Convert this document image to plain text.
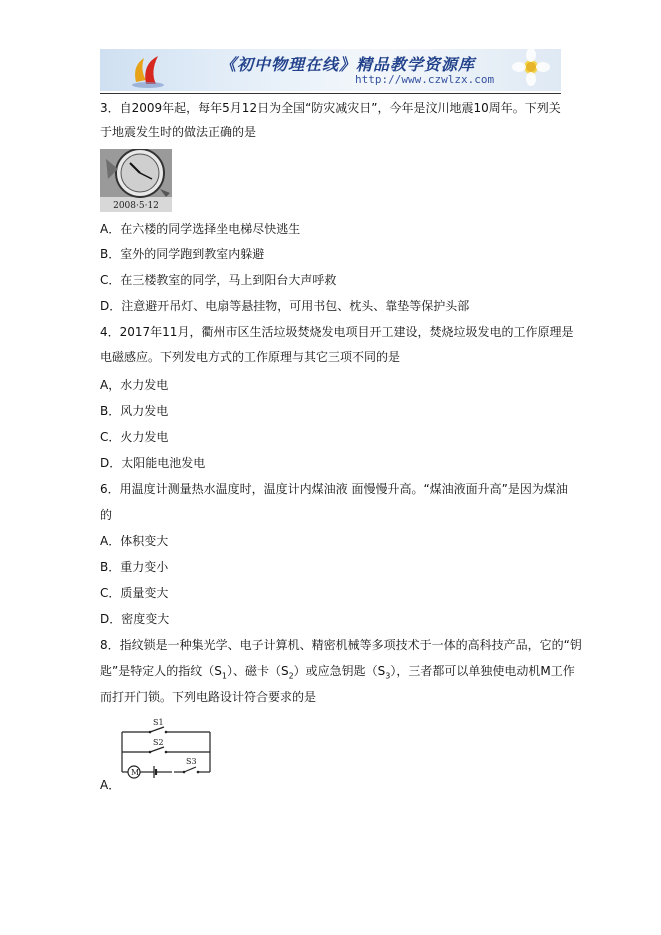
《初中物理在线》精品教学资源库
http://www.czwlzx.com
3．自2009年起，每年5月12日为全国“防灾减灾日”，今年是汶川地震10周年。下列关
于地震发生时的做法正确的是
2008·5·12
A．在六楼的同学选择坐电梯尽快逃生
B．室外的同学跑到教室内躲避
C．在三楼教室的同学，马上到阳台大声呼救
D．注意避开吊灯、电扇等悬挂物，可用书包、枕头、靠垫等保护头部
4．2017年11月，衢州市区生活垃圾焚烧发电项目开工建设，焚烧垃圾发电的工作原理是
电磁感应。下列发电方式的工作原理与其它三项不同的是
A，水力发电
B．风力发电
C．火力发电
D．太阳能电池发电
6．用温度计测量热水温度时，温度计内煤油液 面慢慢升高。“煤油液面升高”是因为煤油
的
A．体积变大
B．重力变小
C．质量变大
D．密度变大
8．指纹锁是一种集光学、电子计算机、精密机械等多项技术于一体的高科技产品，它的“钥
匙”是特定人的指纹$(S_1)$、磁卡$(S_2)$或应急钥匙$(S_3)$，三者都可以单独使电动机M工作
而打开门锁。下列电路设计符合要求的是
S1
S2
S3
M
A．
